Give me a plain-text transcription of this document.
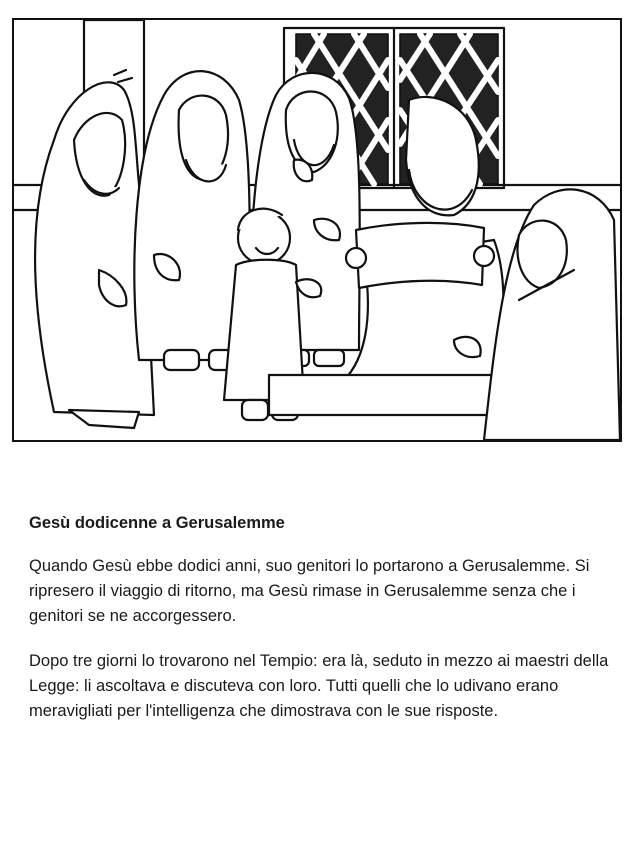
Gesù dodicenne a Gerusalemme

Quando Gesù ebbe dodici anni, suo genitori lo portarono a Gerusalemme. Si ripresero il viaggio di ritorno, ma Gesù rimase in Gerusalemme senza che i genitori se ne accorgessero.

Dopo tre giorni lo trovarono nel Tempio: era là, seduto in mezzo ai maestri della Legge: li ascoltava e discuteva con loro. Tutti quelli che lo udivano erano meravigliati per l'intelligenza che dimostrava con le sue risposte.
